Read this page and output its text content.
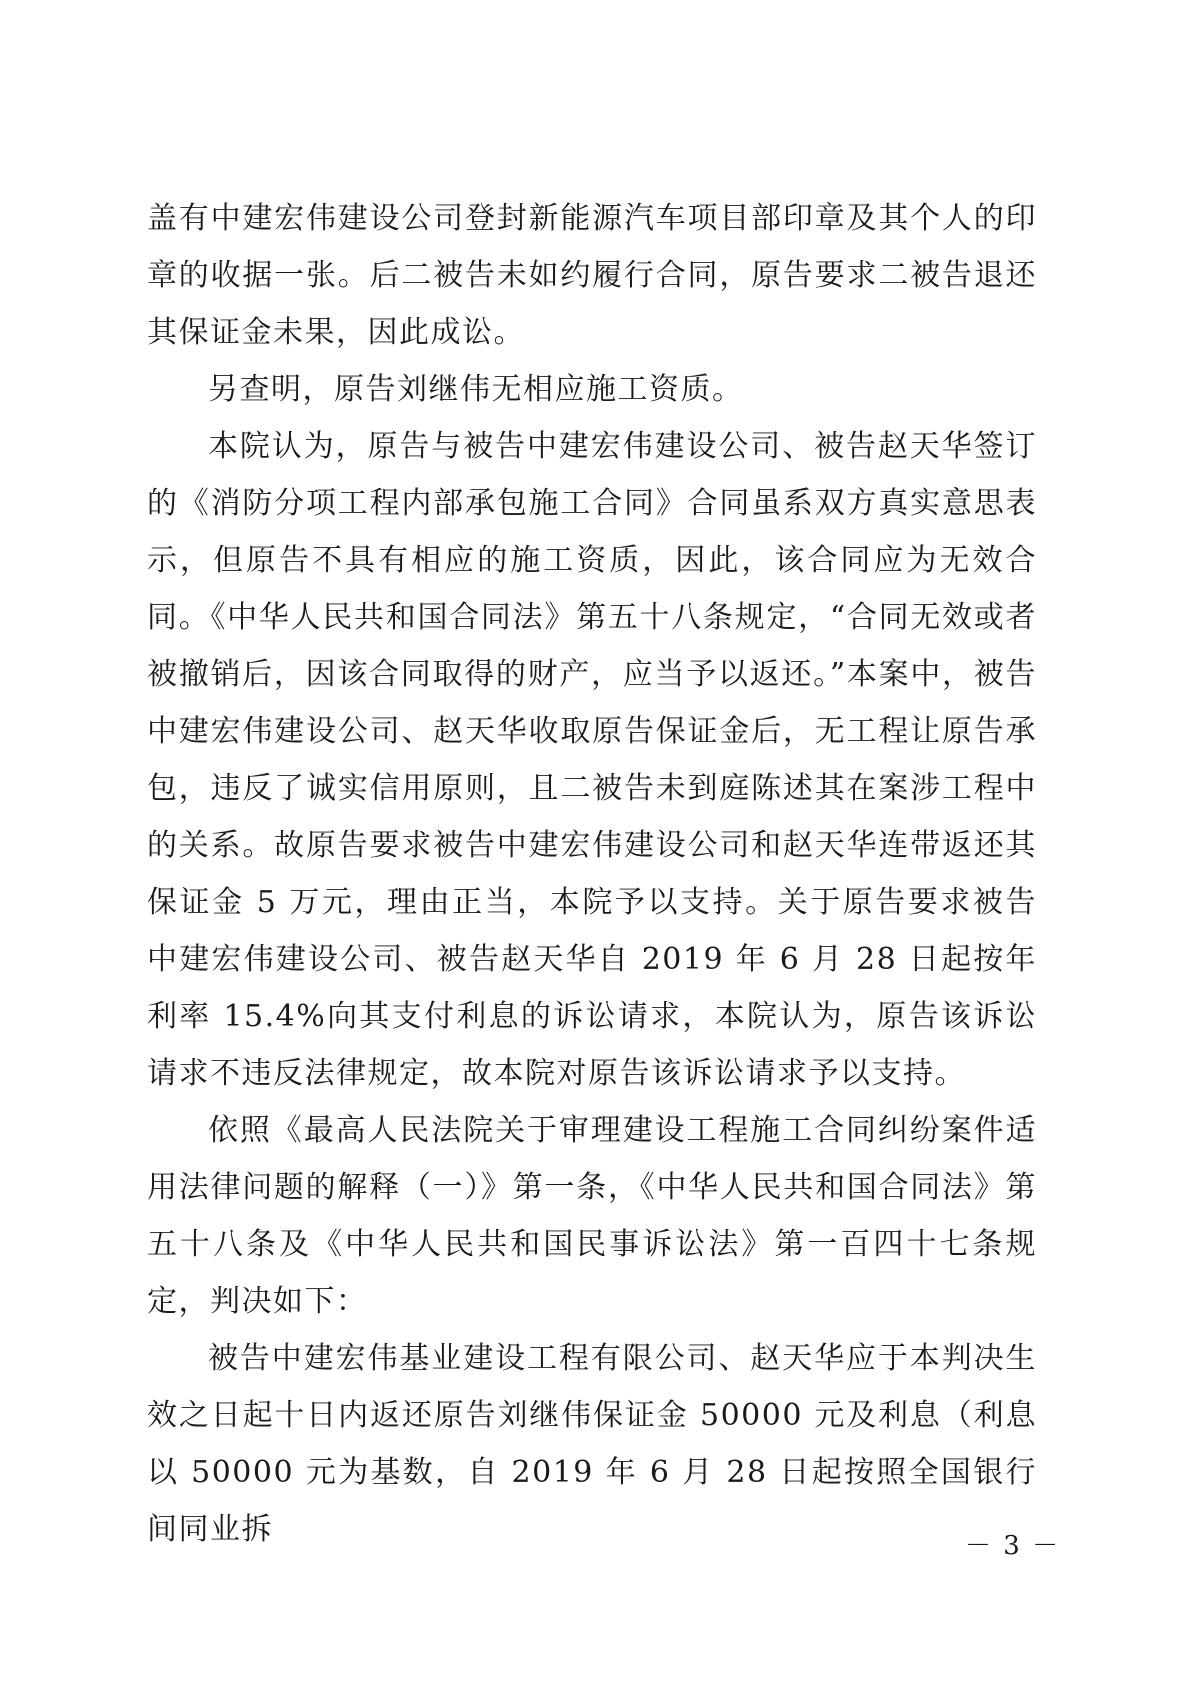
盖有中建宏伟建设公司登封新能源汽车项目部印章及其个人的印章的收据一张。后二被告未如约履行合同，原告要求二被告退还其保证金未果，因此成讼。

另查明，原告刘继伟无相应施工资质。

本院认为，原告与被告中建宏伟建设公司、被告赵天华签订的《消防分项工程内部承包施工合同》合同虽系双方真实意思表示，但原告不具有相应的施工资质，因此，该合同应为无效合同。《中华人民共和国合同法》第五十八条规定，“合同无效或者被撤销后，因该合同取得的财产，应当予以返还。”本案中，被告中建宏伟建设公司、赵天华收取原告保证金后，无工程让原告承包，违反了诚实信用原则，且二被告未到庭陈述其在案涉工程中的关系。故原告要求被告中建宏伟建设公司和赵天华连带返还其保证金 5 万元，理由正当，本院予以支持。关于原告要求被告中建宏伟建设公司、被告赵天华自 2019 年 6 月 28 日起按年利率 15.4%向其支付利息的诉讼请求，本院认为，原告该诉讼请求不违反法律规定，故本院对原告该诉讼请求予以支持。

依照《最高人民法院关于审理建设工程施工合同纠纷案件适用法律问题的解释（一）》第一条，《中华人民共和国合同法》第五十八条及《中华人民共和国民事诉讼法》第一百四十七条规定，判决如下：

被告中建宏伟基业建设工程有限公司、赵天华应于本判决生效之日起十日内返还原告刘继伟保证金 50000 元及利息（利息以 50000 元为基数，自 2019 年 6 月 28 日起按照全国银行间同业拆	－ 3 －
